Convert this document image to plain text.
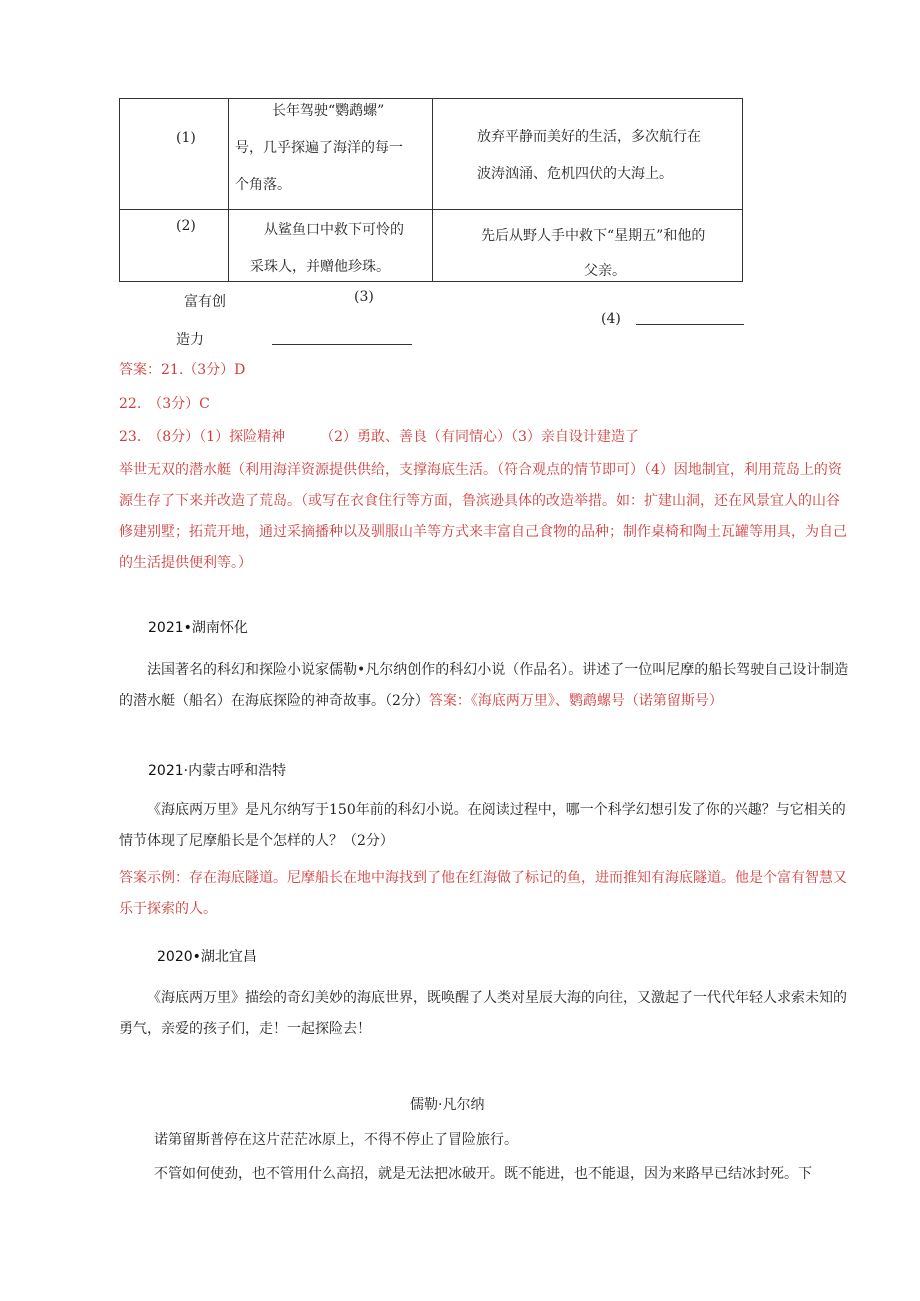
(1)
长年驾驶“鹦鹉螺”
号，几乎探遍了海洋的每一
个角落。
放弃平静而美好的生活，多次航行在
波涛汹涌、危机四伏的大海上。
(2)	从鲨鱼口中救下可怜的
采珠人，并赠他珍珠。
先后从野人手中救下“星期五”和他的
父亲。
富有创
造力
(3)
(4)
答案：21.（3分）D
22.　（3分）C
23.　（8分）（1）探险精神　　　（2）勇敢、善良（有同情心）（3）亲自设计建造了
举世无双的潜水艇（利用海洋资源提供供给，支撑海底生活。（符合观点的情节即可）（4）因地制宜，利用荒岛上的资源生存了下来并改造了荒岛。（或写在衣食住行等方面，鲁滨逊具体的改造举措。如：扩建山洞，还在风景宜人的山谷修建别墅；拓荒开地，通过采摘播种以及驯服山羊等方式来丰富自己食物的品种；制作桌椅和陶土瓦罐等用具，为自己的生活提供便利等。）
2021•湖南怀化
法国著名的科幻和探险小说家儒勒•凡尔纳创作的科幻小说（作品名）。讲述了一位叫尼摩的船长驾驶自己设计制造的潜水艇（船名）在海底探险的神奇故事。（2分）答案：《海底两万里》、鹦鹉螺号（诺第留斯号）
2021·内蒙古呼和浩特
《海底两万里》是凡尔纳写于150年前的科幻小说。在阅读过程中，哪一个科学幻想引发了你的兴趣？与它相关的情节体现了尼摩船长是个怎样的人？（2分）
答案示例：存在海底隧道。尼摩船长在地中海找到了他在红海做了标记的鱼，进而推知有海底隧道。他是个富有智慧又乐于探索的人。
2020•湖北宜昌
《海底两万里》描绘的奇幻美妙的海底世界，既唤醒了人类对星辰大海的向往，又激起了一代代年轻人求索未知的勇气，亲爱的孩子们，走！一起探险去！
儒勒·凡尔纳
诺第留斯普停在这片茫茫冰原上，不得不停止了冒险旅行。
不管如何使劲，也不管用什么高招，就是无法把冰破开。既不能进，也不能退，因为来路早已结冰封死。下
